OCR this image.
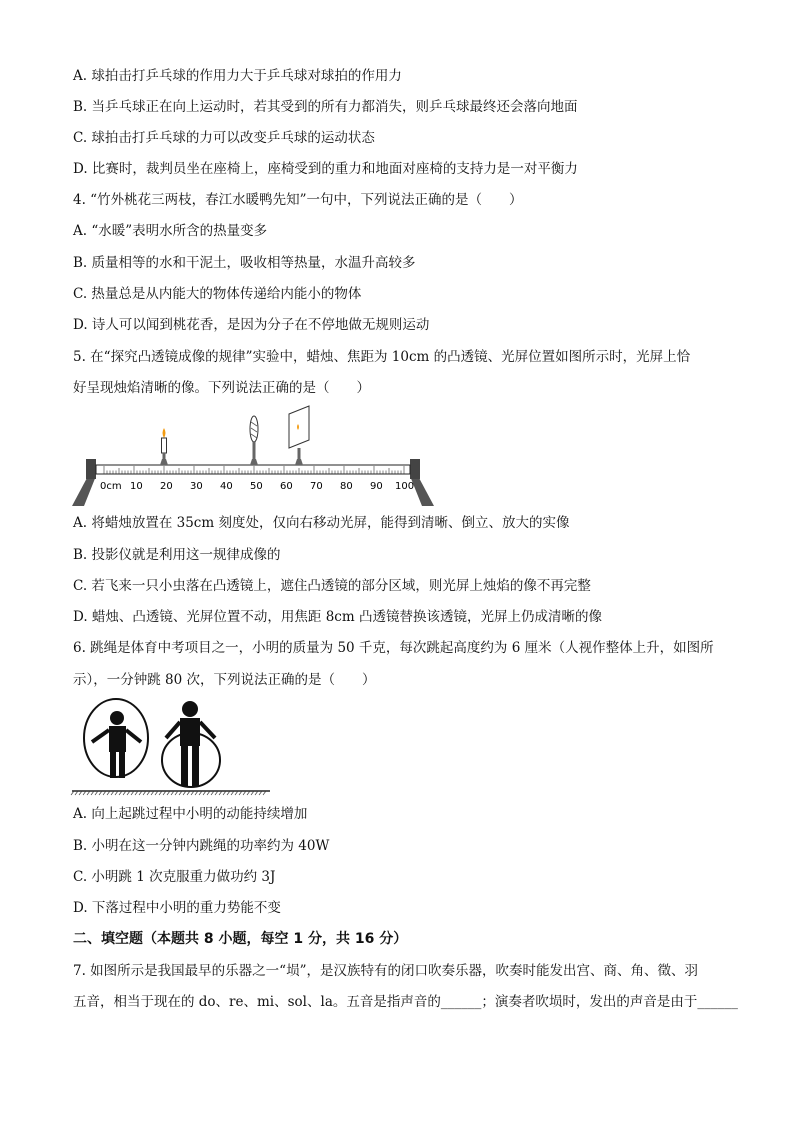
A. 球拍击打乒乓球的作用力大于乒乓球对球拍的作用力
B. 当乒乓球正在向上运动时，若其受到的所有力都消失，则乒乓球最终还会落向地面
C. 球拍击打乒乓球的力可以改变乒乓球的运动状态
D. 比赛时，裁判员坐在座椅上，座椅受到的重力和地面对座椅的支持力是一对平衡力
4. “竹外桃花三两枝，春江水暖鸭先知”一句中，下列说法正确的是（　　）
A. “水暖”表明水所含的热量变多
B. 质量相等的水和干泥土，吸收相等热量，水温升高较多
C. 热量总是从内能大的物体传递给内能小的物体
D. 诗人可以闻到桃花香，是因为分子在不停地做无规则运动
5. 在“探究凸透镜成像的规律”实验中，蜡烛、焦距为 10cm 的凸透镜、光屏位置如图所示时，光屏上恰
好呈现烛焰清晰的像。下列说法正确的是（　　）
0cm 10 20 30 40 50 60 70 80 90 100
A. 将蜡烛放置在 35cm 刻度处，仅向右移动光屏，能得到清晰、倒立、放大的实像
B. 投影仪就是利用这一规律成像的
C. 若飞来一只小虫落在凸透镜上，遮住凸透镜的部分区域，则光屏上烛焰的像不再完整
D. 蜡烛、凸透镜、光屏位置不动，用焦距 8cm 凸透镜替换该透镜，光屏上仍成清晰的像
6. 跳绳是体育中考项目之一，小明的质量为 50 千克，每次跳起高度约为 6 厘米（人视作整体上升，如图所
示），一分钟跳 80 次，下列说法正确的是（　　）
A. 向上起跳过程中小明的动能持续增加
B. 小明在这一分钟内跳绳的功率约为 40W
C. 小明跳 1 次克服重力做功约 3J
D. 下落过程中小明的重力势能不变
二、填空题（本题共 8 小题，每空 1 分，共 16 分）
7. 如图所示是我国最早的乐器之一“埙”，是汉族特有的闭口吹奏乐器，吹奏时能发出宫、商、角、徵、羽
五音，相当于现在的 do、re、mi、sol、la。五音是指声音的______；演奏者吹埙时，发出的声音是由于______
